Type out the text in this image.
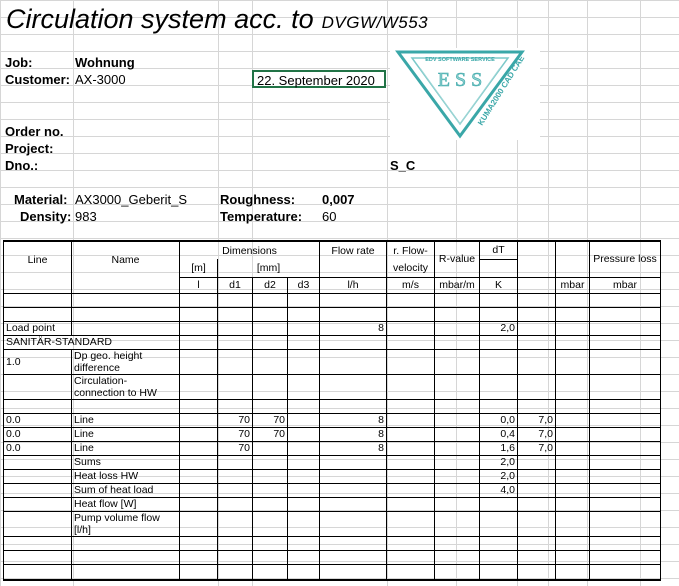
Circulation system acc. to DVGW/W553
Job:	Wohnung
Customer: AX-3000	22. September 2020
EDV SOFTWARE SERVICE
E S S
KUMA2000 CAD CAE
Order no.
Project:
Dno.:	S_C
Material: AX3000_Geberit_S	Roughness: 0,007
Density: 983	Temperature: 60
Line	Name	Dimensions				Flow rate	r. Flow-	R-value	dT			Pressure loss
		[m]	[mm]				velocity					
		l	d1	d2	d3	l/h	m/s	mbar/m	K		mbar	mbar

Load point						8			2,0			
SANITÄR-STANDARD												
1.0	Dp geo. height difference											
	Circulation-connection to HW											

0.0	Line		70	70		8			0,0	7,0		
0.0	Line		70	70		8			0,4	7,0		
0.0	Line		70			8			1,6	7,0		
	Sums								2,0			
	Heat loss HW								2,0			
	Sum of heat load								4,0			
	Heat flow [W]											
	Pump volume flow [l/h]											
